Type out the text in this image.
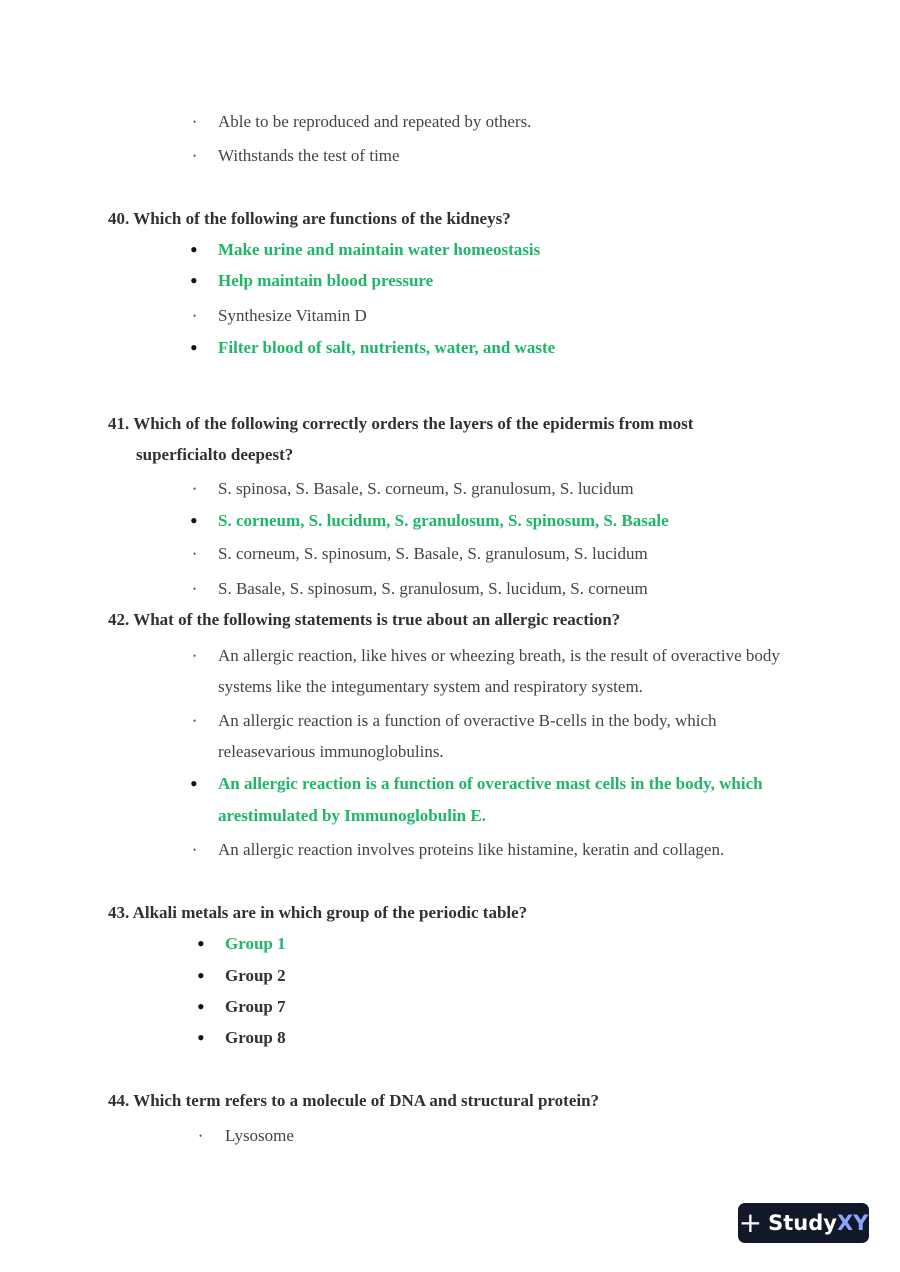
• Able to be reproduced and repeated by others.
• Withstands the test of time
40. Which of the following are functions of the kidneys?
• Make urine and maintain water homeostasis
• Help maintain blood pressure
• Synthesize Vitamin D
• Filter blood of salt, nutrients, water, and waste
41. Which of the following correctly orders the layers of the epidermis from most
superficialto deepest?
• S. spinosa, S. Basale, S. corneum, S. granulosum, S. lucidum
• S. corneum, S. lucidum, S. granulosum, S. spinosum, S. Basale
• S. corneum, S. spinosum, S. Basale, S. granulosum, S. lucidum
• S. Basale, S. spinosum, S. granulosum, S. lucidum, S. corneum
42. What of the following statements is true about an allergic reaction?
• An allergic reaction, like hives or wheezing breath, is the result of overactive body
systems like the integumentary system and respiratory system.
• An allergic reaction is a function of overactive B-cells in the body, which
releasevarious immunoglobulins.
• An allergic reaction is a function of overactive mast cells in the body, which
arestimulated by Immunoglobulin E.
• An allergic reaction involves proteins like histamine, keratin and collagen.
43. Alkali metals are in which group of the periodic table?
• Group 1
• Group 2
• Group 7
• Group 8
44. Which term refers to a molecule of DNA and structural protein?
• Lysosome
+ Study XY
